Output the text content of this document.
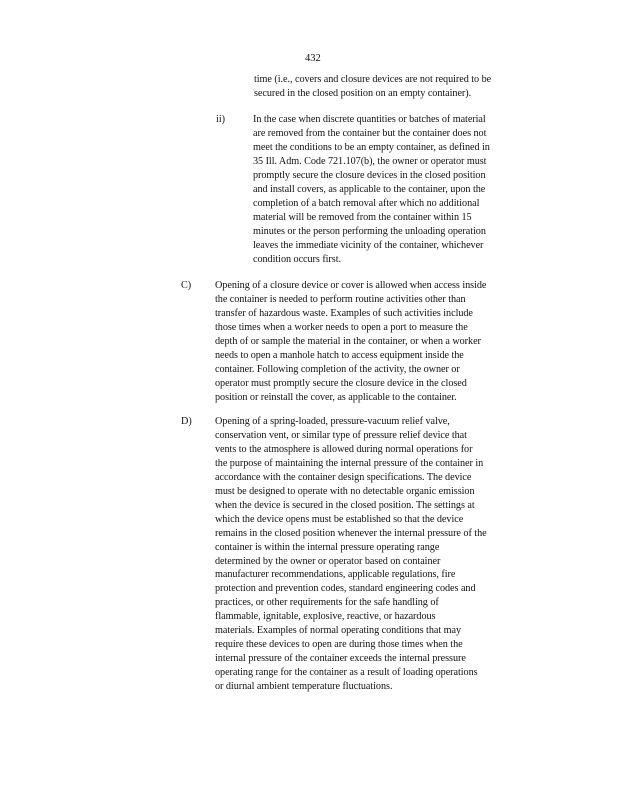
432
time (i.e., covers and closure devices are not required to be
secured in the closed position on an empty container).
ii)	In the case when discrete quantities or batches of material
are removed from the container but the container does not
meet the conditions to be an empty container, as defined in
35 Ill. Adm. Code 721.107(b), the owner or operator must
promptly secure the closure devices in the closed position
and install covers, as applicable to the container, upon the
completion of a batch removal after which no additional
material will be removed from the container within 15
minutes or the person performing the unloading operation
leaves the immediate vicinity of the container, whichever
condition occurs first.
C) Opening of a closure device or cover is allowed when access inside
the container is needed to perform routine activities other than
transfer of hazardous waste. Examples of such activities include
those times when a worker needs to open a port to measure the
depth of or sample the material in the container, or when a worker
needs to open a manhole hatch to access equipment inside the
container. Following completion of the activity, the owner or
operator must promptly secure the closure device in the closed
position or reinstall the cover, as applicable to the container.
D) Opening of a spring-loaded, pressure-vacuum relief valve,
conservation vent, or similar type of pressure relief device that
vents to the atmosphere is allowed during normal operations for
the purpose of maintaining the internal pressure of the container in
accordance with the container design specifications. The device
must be designed to operate with no detectable organic emission
when the device is secured in the closed position. The settings at
which the device opens must be established so that the device
remains in the closed position whenever the internal pressure of the
container is within the internal pressure operating range
determined by the owner or operator based on container
manufacturer recommendations, applicable regulations, fire
protection and prevention codes, standard engineering codes and
practices, or other requirements for the safe handling of
flammable, ignitable, explosive, reactive, or hazardous
materials. Examples of normal operating conditions that may
require these devices to open are during those times when the
internal pressure of the container exceeds the internal pressure
operating range for the container as a result of loading operations
or diurnal ambient temperature fluctuations.
